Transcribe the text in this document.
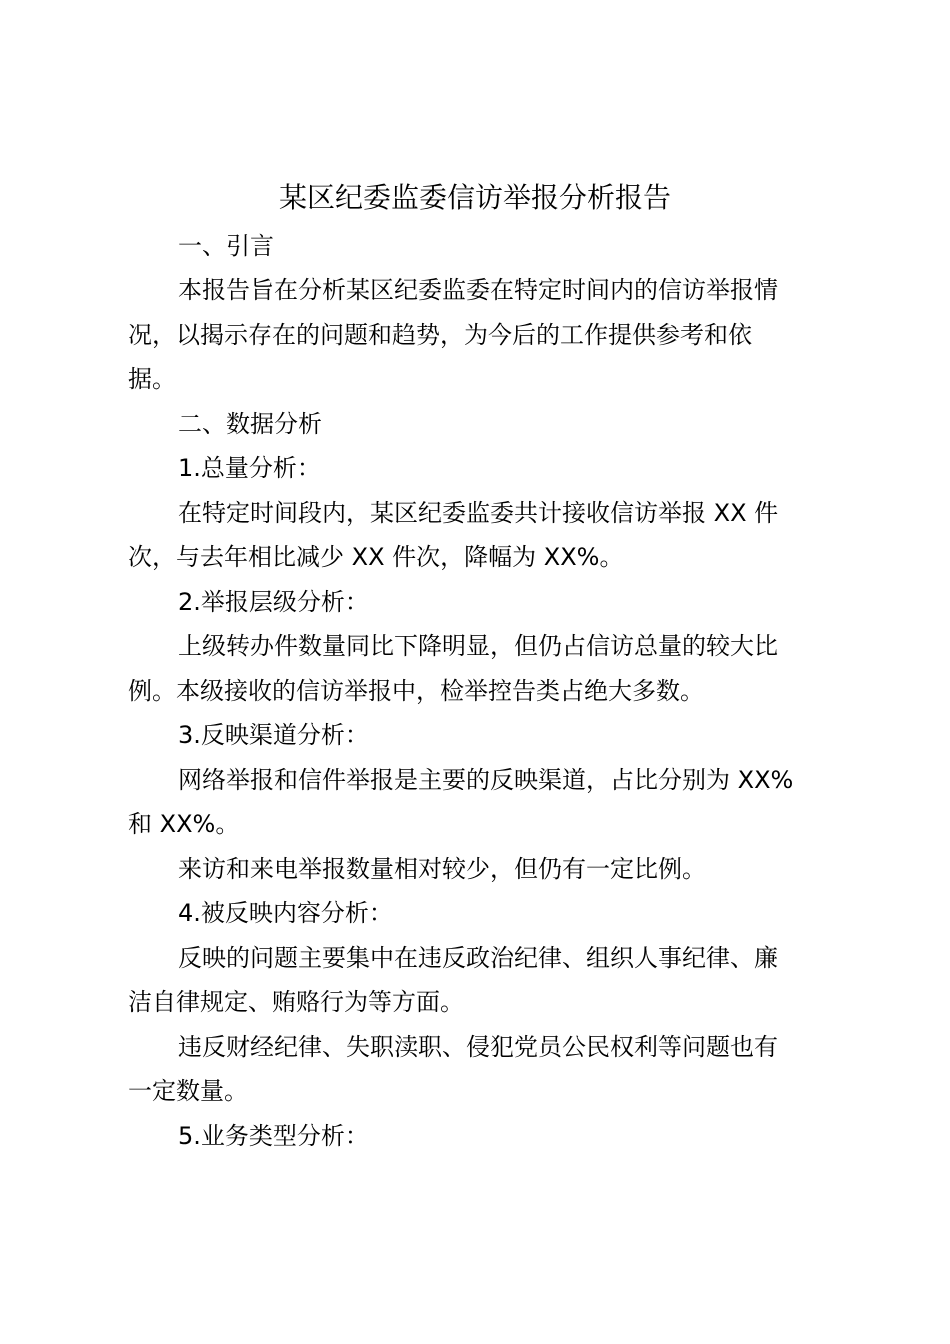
某区纪委监委信访举报分析报告
一、引言
本报告旨在分析某区纪委监委在特定时间内的信访举报情
况，以揭示存在的问题和趋势，为今后的工作提供参考和依
据。
二、数据分析
1.总量分析：
在特定时间段内，某区纪委监委共计接收信访举报 XX 件
次，与去年相比减少 XX 件次，降幅为 XX%。
2.举报层级分析：
上级转办件数量同比下降明显，但仍占信访总量的较大比
例。本级接收的信访举报中，检举控告类占绝大多数。
3.反映渠道分析：
网络举报和信件举报是主要的反映渠道，占比分别为 XX%
和 XX%。
来访和来电举报数量相对较少，但仍有一定比例。
4.被反映内容分析：
反映的问题主要集中在违反政治纪律、组织人事纪律、廉
洁自律规定、贿赂行为等方面。
违反财经纪律、失职渎职、侵犯党员公民权利等问题也有
一定数量。
5.业务类型分析：
